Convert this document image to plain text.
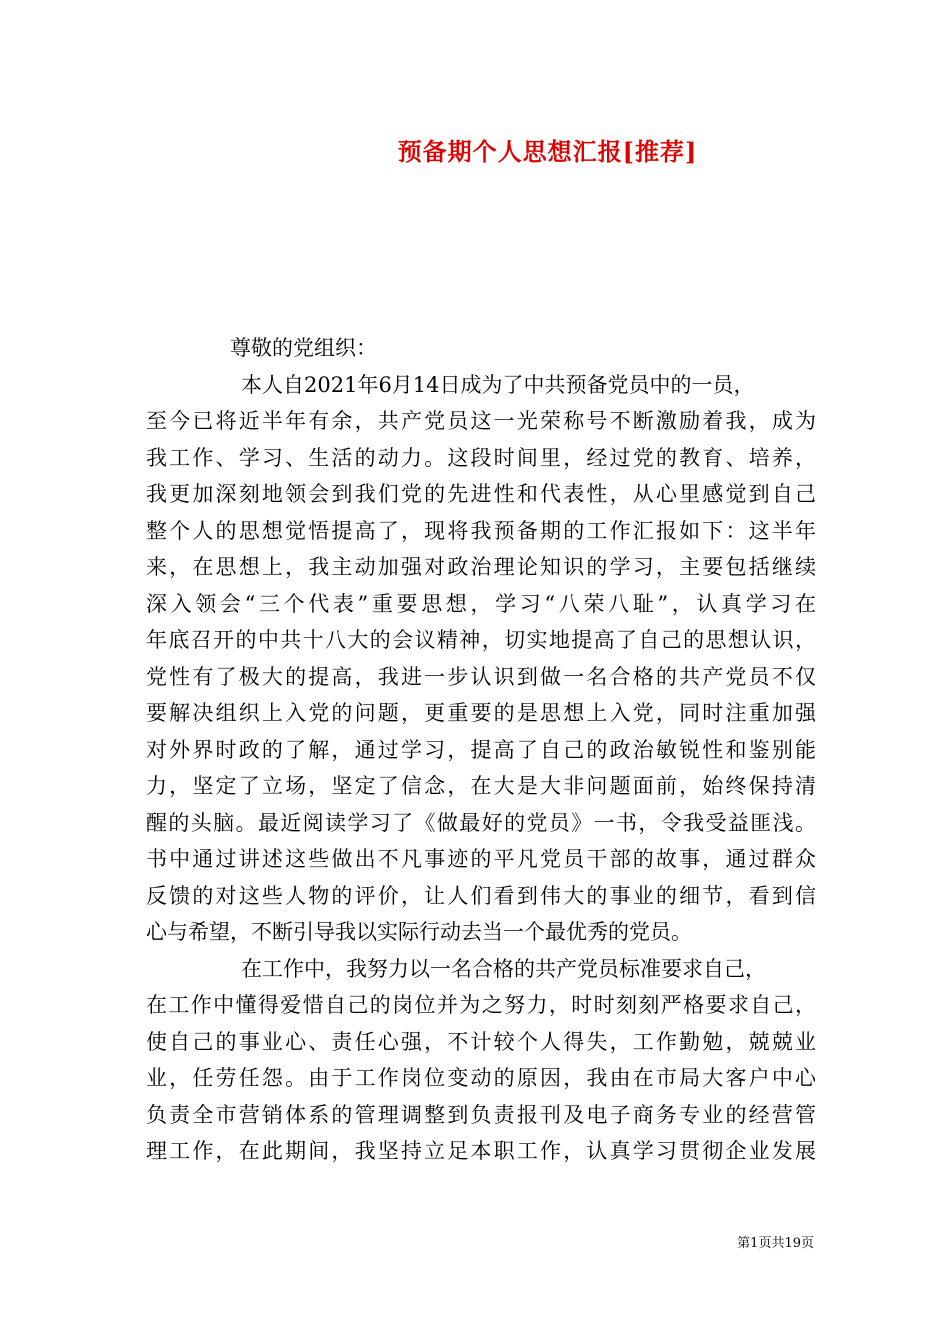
预备期个人思想汇报[推荐]
尊敬的党组织：
本人自2021年6月14日成为了中共预备党员中的一员，
至今已将近半年有余，共产党员这一光荣称号不断激励着我，成为
我工作、学习、生活的动力。这段时间里，经过党的教育、培养，
我更加深刻地领会到我们党的先进性和代表性，从心里感觉到自己
整个人的思想觉悟提高了，现将我预备期的工作汇报如下：这半年
来，在思想上，我主动加强对政治理论知识的学习，主要包括继续
深入领会“三个代表”重要思想，学习“八荣八耻”，认真学习在
年底召开的中共十八大的会议精神，切实地提高了自己的思想认识，
党性有了极大的提高，我进一步认识到做一名合格的共产党员不仅
要解决组织上入党的问题，更重要的是思想上入党，同时注重加强
对外界时政的了解，通过学习，提高了自己的政治敏锐性和鉴别能
力，坚定了立场，坚定了信念，在大是大非问题面前，始终保持清
醒的头脑。最近阅读学习了《做最好的党员》一书，令我受益匪浅。
书中通过讲述这些做出不凡事迹的平凡党员干部的故事，通过群众
反馈的对这些人物的评价，让人们看到伟大的事业的细节，看到信
心与希望，不断引导我以实际行动去当一个最优秀的党员。
在工作中，我努力以一名合格的共产党员标准要求自己，
在工作中懂得爱惜自己的岗位并为之努力，时时刻刻严格要求自己，
使自己的事业心、责任心强，不计较个人得失，工作勤勉，兢兢业
业，任劳任怨。由于工作岗位变动的原因，我由在市局大客户中心
负责全市营销体系的管理调整到负责报刊及电子商务专业的经营管
理工作，在此期间，我坚持立足本职工作，认真学习贯彻企业发展
第1页共19页
